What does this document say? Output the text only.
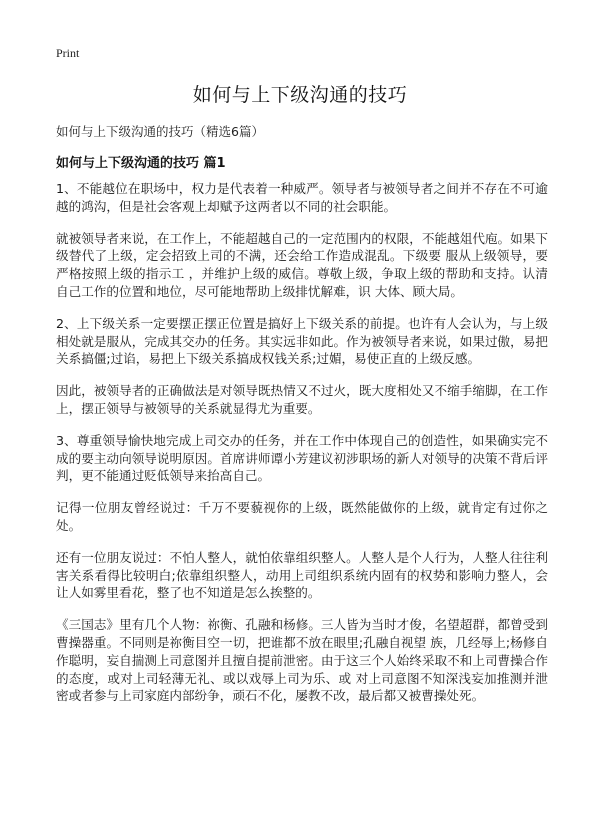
Print
如何与上下级沟通的技巧
如何与上下级沟通的技巧（精选6篇）
如何与上下级沟通的技巧 篇1

1、不能越位在职场中，权力是代表着一种威严。领导者与被领导者之间并不存在不可逾越的鸿沟，但是社会客观上却赋予这两者以不同的社会职能。

就被领导者来说，在工作上，不能超越自己的一定范围内的权限，不能越俎代庖。如果下级替代了上级，定会招致上司的不满，还会给工作造成混乱。下级要 服从上级领导，要严格按照上级的指示工 ，并维护上级的威信。尊敬上级，争取上级的帮助和支持。认清自己工作的位置和地位，尽可能地帮助上级排忧解难，识 大体、顾大局。

2、上下级关系一定要摆正摆正位置是搞好上下级关系的前提。也许有人会认为，与上级相处就是服从，完成其交办的任务。其实远非如此。作为被领导者来说，如果过傲，易把关系搞僵;过谄，易把上下级关系搞成权钱关系;过媚，易使正直的上级反感。

因此，被领导者的正确做法是对领导既热情又不过火，既大度相处又不缩手缩脚，在工作上，摆正领导与被领导的关系就显得尤为重要。

3、尊重领导愉快地完成上司交办的任务，并在工作中体现自己的创造性，如果确实完不成的要主动向领导说明原因。首席讲师谭小芳建议初涉职场的新人对领导的决策不背后评判，更不能通过贬低领导来抬高自己。

记得一位朋友曾经说过：千万不要藐视你的上级，既然能做你的上级，就肯定有过你之处。

还有一位朋友说过：不怕人整人，就怕依靠组织整人。人整人是个人行为，人整人往往利害关系看得比较明白;依靠组织整人，动用上司组织系统内固有的权势和影响力整人，会让人如雾里看花，整了也不知道是怎么挨整的。

《三国志》里有几个人物：祢衡、孔融和杨修。三人皆为当时才俊，名望超群，都曾受到曹操器重。不同则是祢衡目空一切，把谁都不放在眼里;孔融自视望 族，几经辱上;杨修自作聪明，妄自揣测上司意图并且擅自提前泄密。由于这三个人始终采取不和上司曹操合作的态度，或对上司轻薄无礼、或以戏辱上司为乐、或 对上司意图不知深浅妄加推测并泄密或者参与上司家庭内部纷争，顽石不化，屡教不改，最后都又被曹操处死。
